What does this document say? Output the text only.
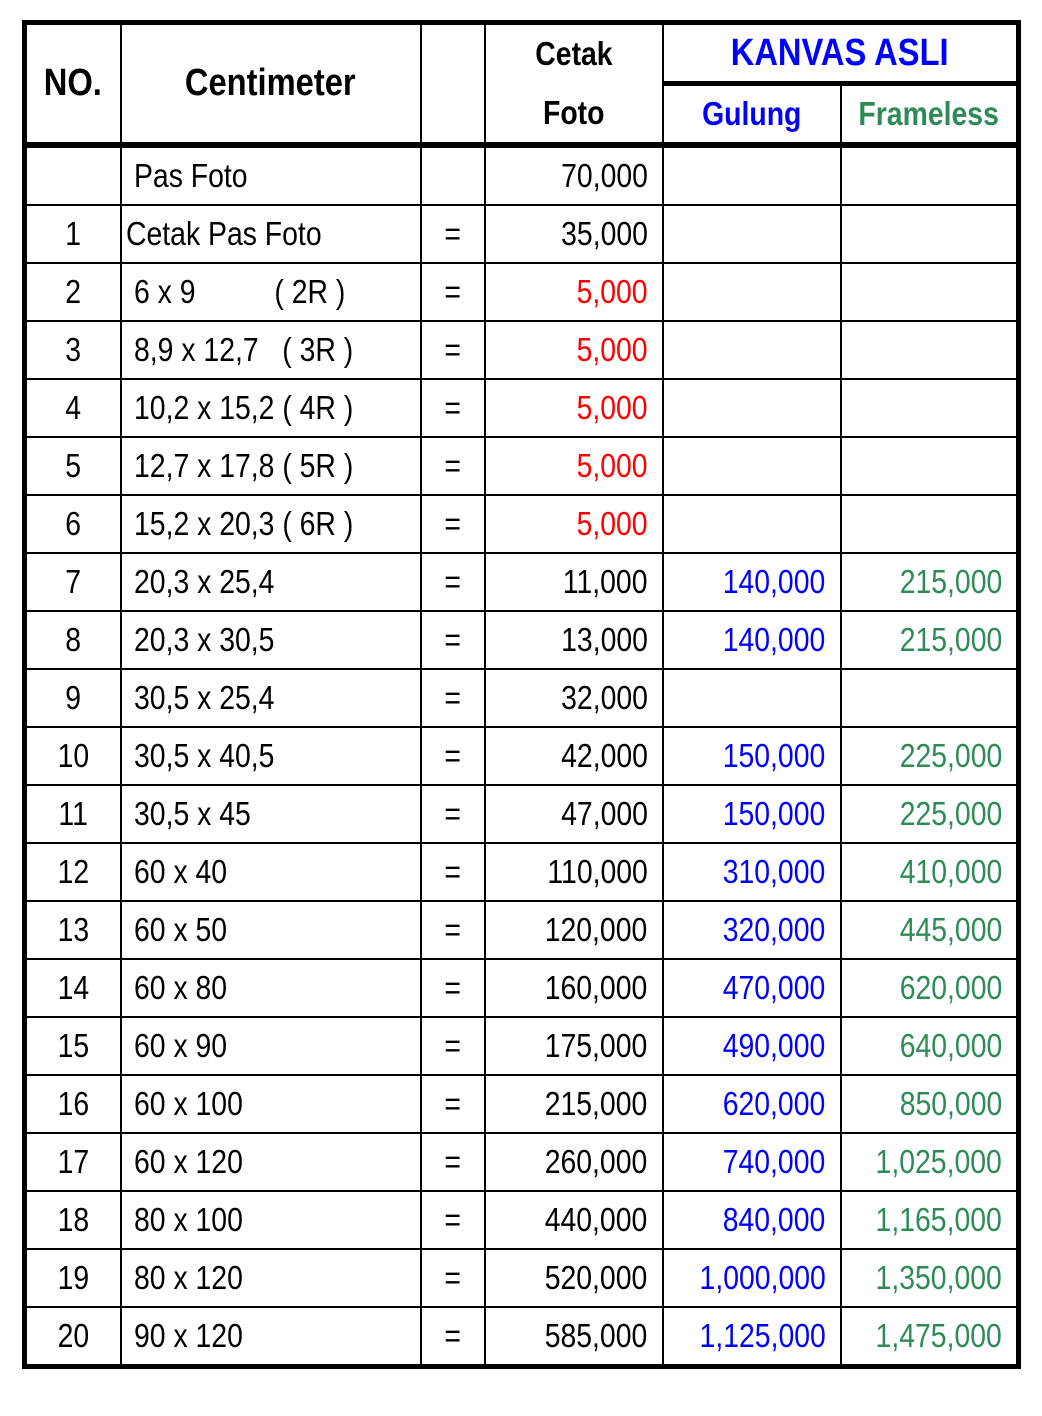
NO.	Centimeter		Cetak	KANVAS ASLI	
			Foto	Gulung	Frameless
	Pas Foto		70,000		
1	Cetak Pas Foto	=	35,000		
2	6 x 9          ( 2R )	=	5,000		
3	8,9 x 12,7   ( 3R )	=	5,000		
4	10,2 x 15,2 ( 4R )	=	5,000		
5	12,7 x 17,8 ( 5R )	=	5,000		
6	15,2 x 20,3 ( 6R )	=	5,000		
7	20,3 x 25,4	=	11,000	140,000	215,000
8	20,3 x 30,5	=	13,000	140,000	215,000
9	30,5 x 25,4	=	32,000		
10	30,5 x 40,5	=	42,000	150,000	225,000
11	30,5 x 45	=	47,000	150,000	225,000
12	60 x 40	=	110,000	310,000	410,000
13	60 x 50	=	120,000	320,000	445,000
14	60 x 80	=	160,000	470,000	620,000
15	60 x 90	=	175,000	490,000	640,000
16	60 x 100	=	215,000	620,000	850,000
17	60 x 120	=	260,000	740,000	1,025,000
18	80 x 100	=	440,000	840,000	1,165,000
19	80 x 120	=	520,000	1,000,000	1,350,000
20	90 x 120	=	585,000	1,125,000	1,475,000
